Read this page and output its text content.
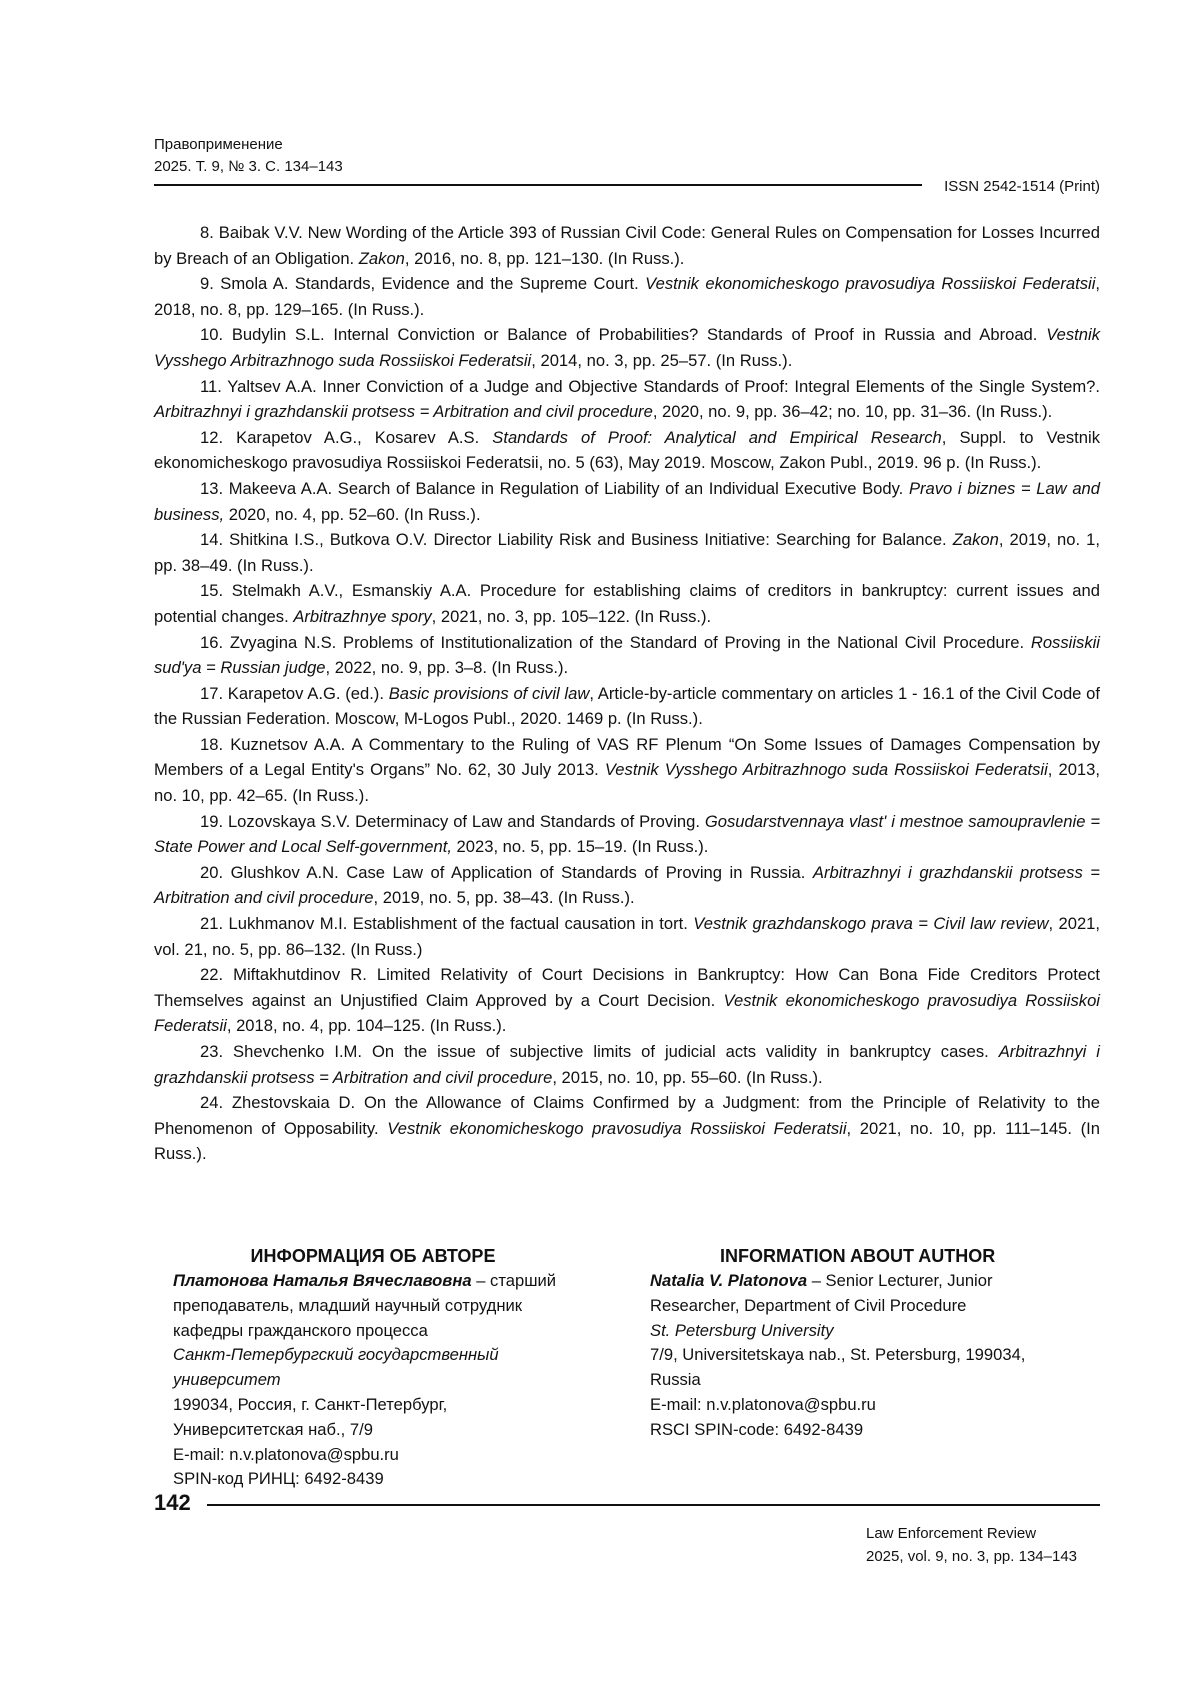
Правоприменение
2025. Т. 9, № 3. С. 134–143
ISSN 2542-1514 (Print)

8. Baibak V.V. New Wording of the Article 393 of Russian Civil Code: General Rules on Compensation for Losses Incurred by Breach of an Obligation. Zakon, 2016, no. 8, pp. 121–130. (In Russ.).

9. Smola A. Standards, Evidence and the Supreme Court. Vestnik ekonomicheskogo pravosudiya Rossiiskoi Federatsii, 2018, no. 8, pp. 129–165. (In Russ.).

10. Budylin S.L. Internal Conviction or Balance of Probabilities? Standards of Proof in Russia and Abroad. Vestnik Vysshego Arbitrazhnogo suda Rossiiskoi Federatsii, 2014, no. 3, pp. 25–57. (In Russ.).

11. Yaltsev A.A. Inner Conviction of a Judge and Objective Standards of Proof: Integral Elements of the Single System?. Arbitrazhnyi i grazhdanskii protsess = Arbitration and civil procedure, 2020, no. 9, pp. 36–42; no. 10, pp. 31–36. (In Russ.).

12. Karapetov A.G., Kosarev A.S. Standards of Proof: Analytical and Empirical Research, Suppl. to Vestnik ekonomicheskogo pravosudiya Rossiiskoi Federatsii, no. 5 (63), May 2019. Moscow, Zakon Publ., 2019. 96 p. (In Russ.).

13. Makeeva A.A. Search of Balance in Regulation of Liability of an Individual Executive Body. Pravo i biznes = Law and business, 2020, no. 4, pp. 52–60. (In Russ.).

14. Shitkina I.S., Butkova O.V. Director Liability Risk and Business Initiative: Searching for Balance. Zakon, 2019, no. 1, pp. 38–49. (In Russ.).

15. Stelmakh A.V., Esmanskiy A.A. Procedure for establishing claims of creditors in bankruptcy: current issues and potential changes. Arbitrazhnye spory, 2021, no. 3, pp. 105–122. (In Russ.).

16. Zvyagina N.S. Problems of Institutionalization of the Standard of Proving in the National Civil Procedure. Rossiiskii sud'ya = Russian judge, 2022, no. 9, pp. 3–8. (In Russ.).

17. Karapetov A.G. (ed.). Basic provisions of civil law, Article-by-article commentary on articles 1 - 16.1 of the Civil Code of the Russian Federation. Moscow, M-Logos Publ., 2020. 1469 p. (In Russ.).

18. Kuznetsov A.A. A Commentary to the Ruling of VAS RF Plenum “On Some Issues of Damages Compensation by Members of a Legal Entity's Organs” No. 62, 30 July 2013. Vestnik Vysshego Arbitrazhnogo suda Rossiiskoi Federatsii, 2013, no. 10, pp. 42–65. (In Russ.).

19. Lozovskaya S.V. Determinacy of Law and Standards of Proving. Gosudarstvennaya vlast' i mestnoe samoupravlenie = State Power and Local Self-government, 2023, no. 5, pp. 15–19. (In Russ.).

20. Glushkov A.N. Case Law of Application of Standards of Proving in Russia. Arbitrazhnyi i grazhdanskii protsess = Arbitration and civil procedure, 2019, no. 5, pp. 38–43. (In Russ.).

21. Lukhmanov M.I. Establishment of the factual causation in tort. Vestnik grazhdanskogo prava = Civil law review, 2021, vol. 21, no. 5, pp. 86–132. (In Russ.)

22. Miftakhutdinov R. Limited Relativity of Court Decisions in Bankruptcy: How Can Bona Fide Creditors Protect Themselves against an Unjustified Claim Approved by a Court Decision. Vestnik ekonomicheskogo pravosudiya Rossiiskoi Federatsii, 2018, no. 4, pp. 104–125. (In Russ.).

23. Shevchenko I.M. On the issue of subjective limits of judicial acts validity in bankruptcy cases. Arbitrazhnyi i grazhdanskii protsess = Arbitration and civil procedure, 2015, no. 10, pp. 55–60. (In Russ.).

24. Zhestovskaia D. On the Allowance of Claims Confirmed by a Judgment: from the Principle of Relativity to the Phenomenon of Opposability. Vestnik ekonomicheskogo pravosudiya Rossiiskoi Federatsii, 2021, no. 10, pp. 111–145. (In Russ.).

ИНФОРМАЦИЯ ОБ АВТОРЕ
Платонова Наталья Вячеславовна – старший преподаватель, младший научный сотрудник кафедры гражданского процесса
Санкт-Петербургский государственный университет
199034, Россия, г. Санкт-Петербург, Университетская наб., 7/9
E-mail: n.v.platonova@spbu.ru
SPIN-код РИНЦ: 6492-8439
INFORMATION ABOUT AUTHOR
Natalia V. Platonova – Senior Lecturer, Junior Researcher, Department of Civil Procedure
St. Petersburg University
7/9, Universitetskaya nab., St. Petersburg, 199034, Russia
E-mail: n.v.platonova@spbu.ru
RSCI SPIN-code: 6492-8439
142
Law Enforcement Review
2025, vol. 9, no. 3, pp. 134–143
